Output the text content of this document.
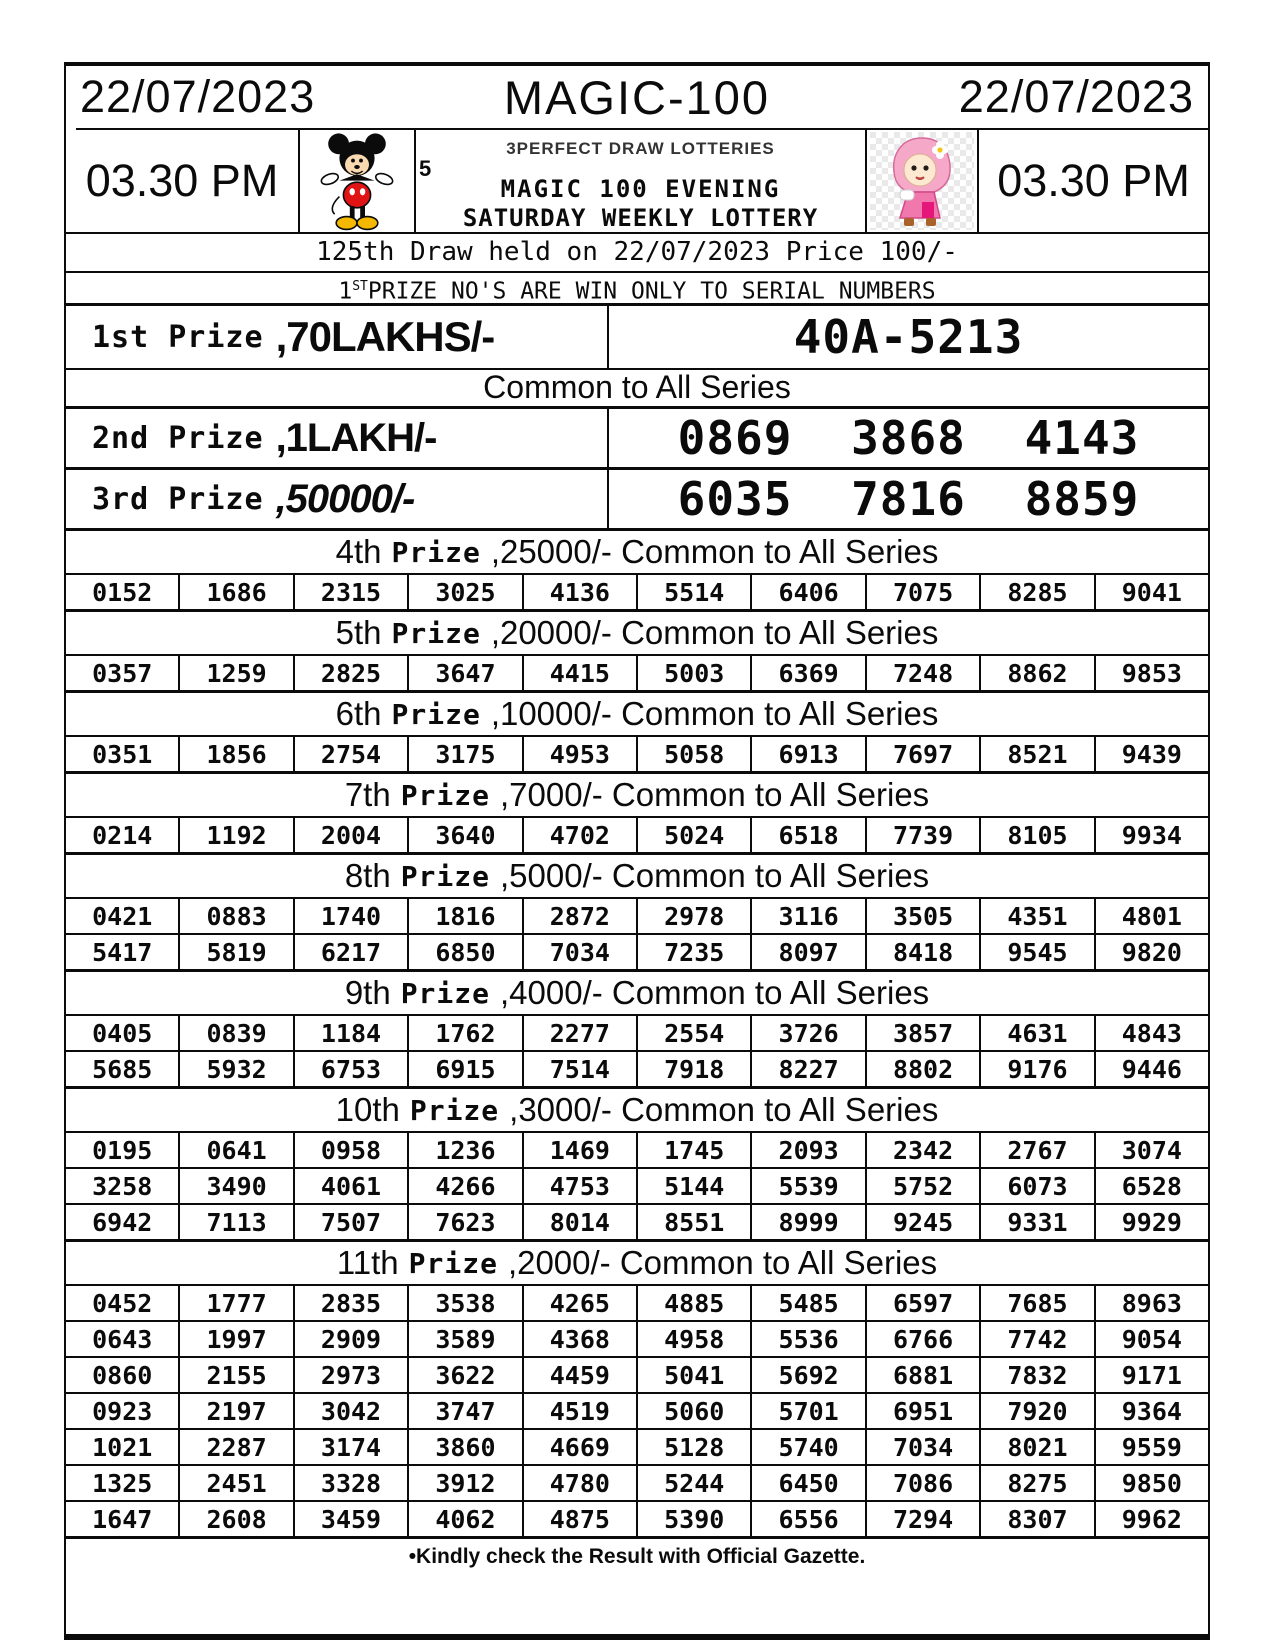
22/07/2023	MAGIC-100	22/07/2023
03.30 PM	5
3PERFECT DRAW LOTTERIES
MAGIC 100 EVENING
SATURDAY WEEKLY LOTTERY
03.30 PM
125th Draw held on 22/07/2023 Price 100/-
1STPRIZE NO'S ARE WIN ONLY TO SERIAL NUMBERS
1st Prize ,70LAKHS/-	40A-5213
Common to All Series
2nd Prize ,1LAKH/-	0869 3868 4143
3rd Prize ,50000/-	6035 7816 8859
4th Prize ,25000/- Common to All Series
0152	1686	2315	3025	4136	5514	6406	7075	8285	9041
5th Prize ,20000/- Common to All Series
0357	1259	2825	3647	4415	5003	6369	7248	8862	9853
6th Prize ,10000/- Common to All Series
0351	1856	2754	3175	4953	5058	6913	7697	8521	9439
7th Prize ,7000/- Common to All Series
0214	1192	2004	3640	4702	5024	6518	7739	8105	9934
8th Prize ,5000/- Common to All Series
0421	0883	1740	1816	2872	2978	3116	3505	4351	4801
5417	5819	6217	6850	7034	7235	8097	8418	9545	9820
9th Prize ,4000/- Common to All Series
0405	0839	1184	1762	2277	2554	3726	3857	4631	4843
5685	5932	6753	6915	7514	7918	8227	8802	9176	9446
10th Prize ,3000/- Common to All Series
0195	0641	0958	1236	1469	1745	2093	2342	2767	3074
3258	3490	4061	4266	4753	5144	5539	5752	6073	6528
6942	7113	7507	7623	8014	8551	8999	9245	9331	9929
11th Prize ,2000/- Common to All Series
0452	1777	2835	3538	4265	4885	5485	6597	7685	8963
0643	1997	2909	3589	4368	4958	5536	6766	7742	9054
0860	2155	2973	3622	4459	5041	5692	6881	7832	9171
0923	2197	3042	3747	4519	5060	5701	6951	7920	9364
1021	2287	3174	3860	4669	5128	5740	7034	8021	9559
1325	2451	3328	3912	4780	5244	6450	7086	8275	9850
1647	2608	3459	4062	4875	5390	6556	7294	8307	9962
•Kindly check the Result with Official Gazette.
